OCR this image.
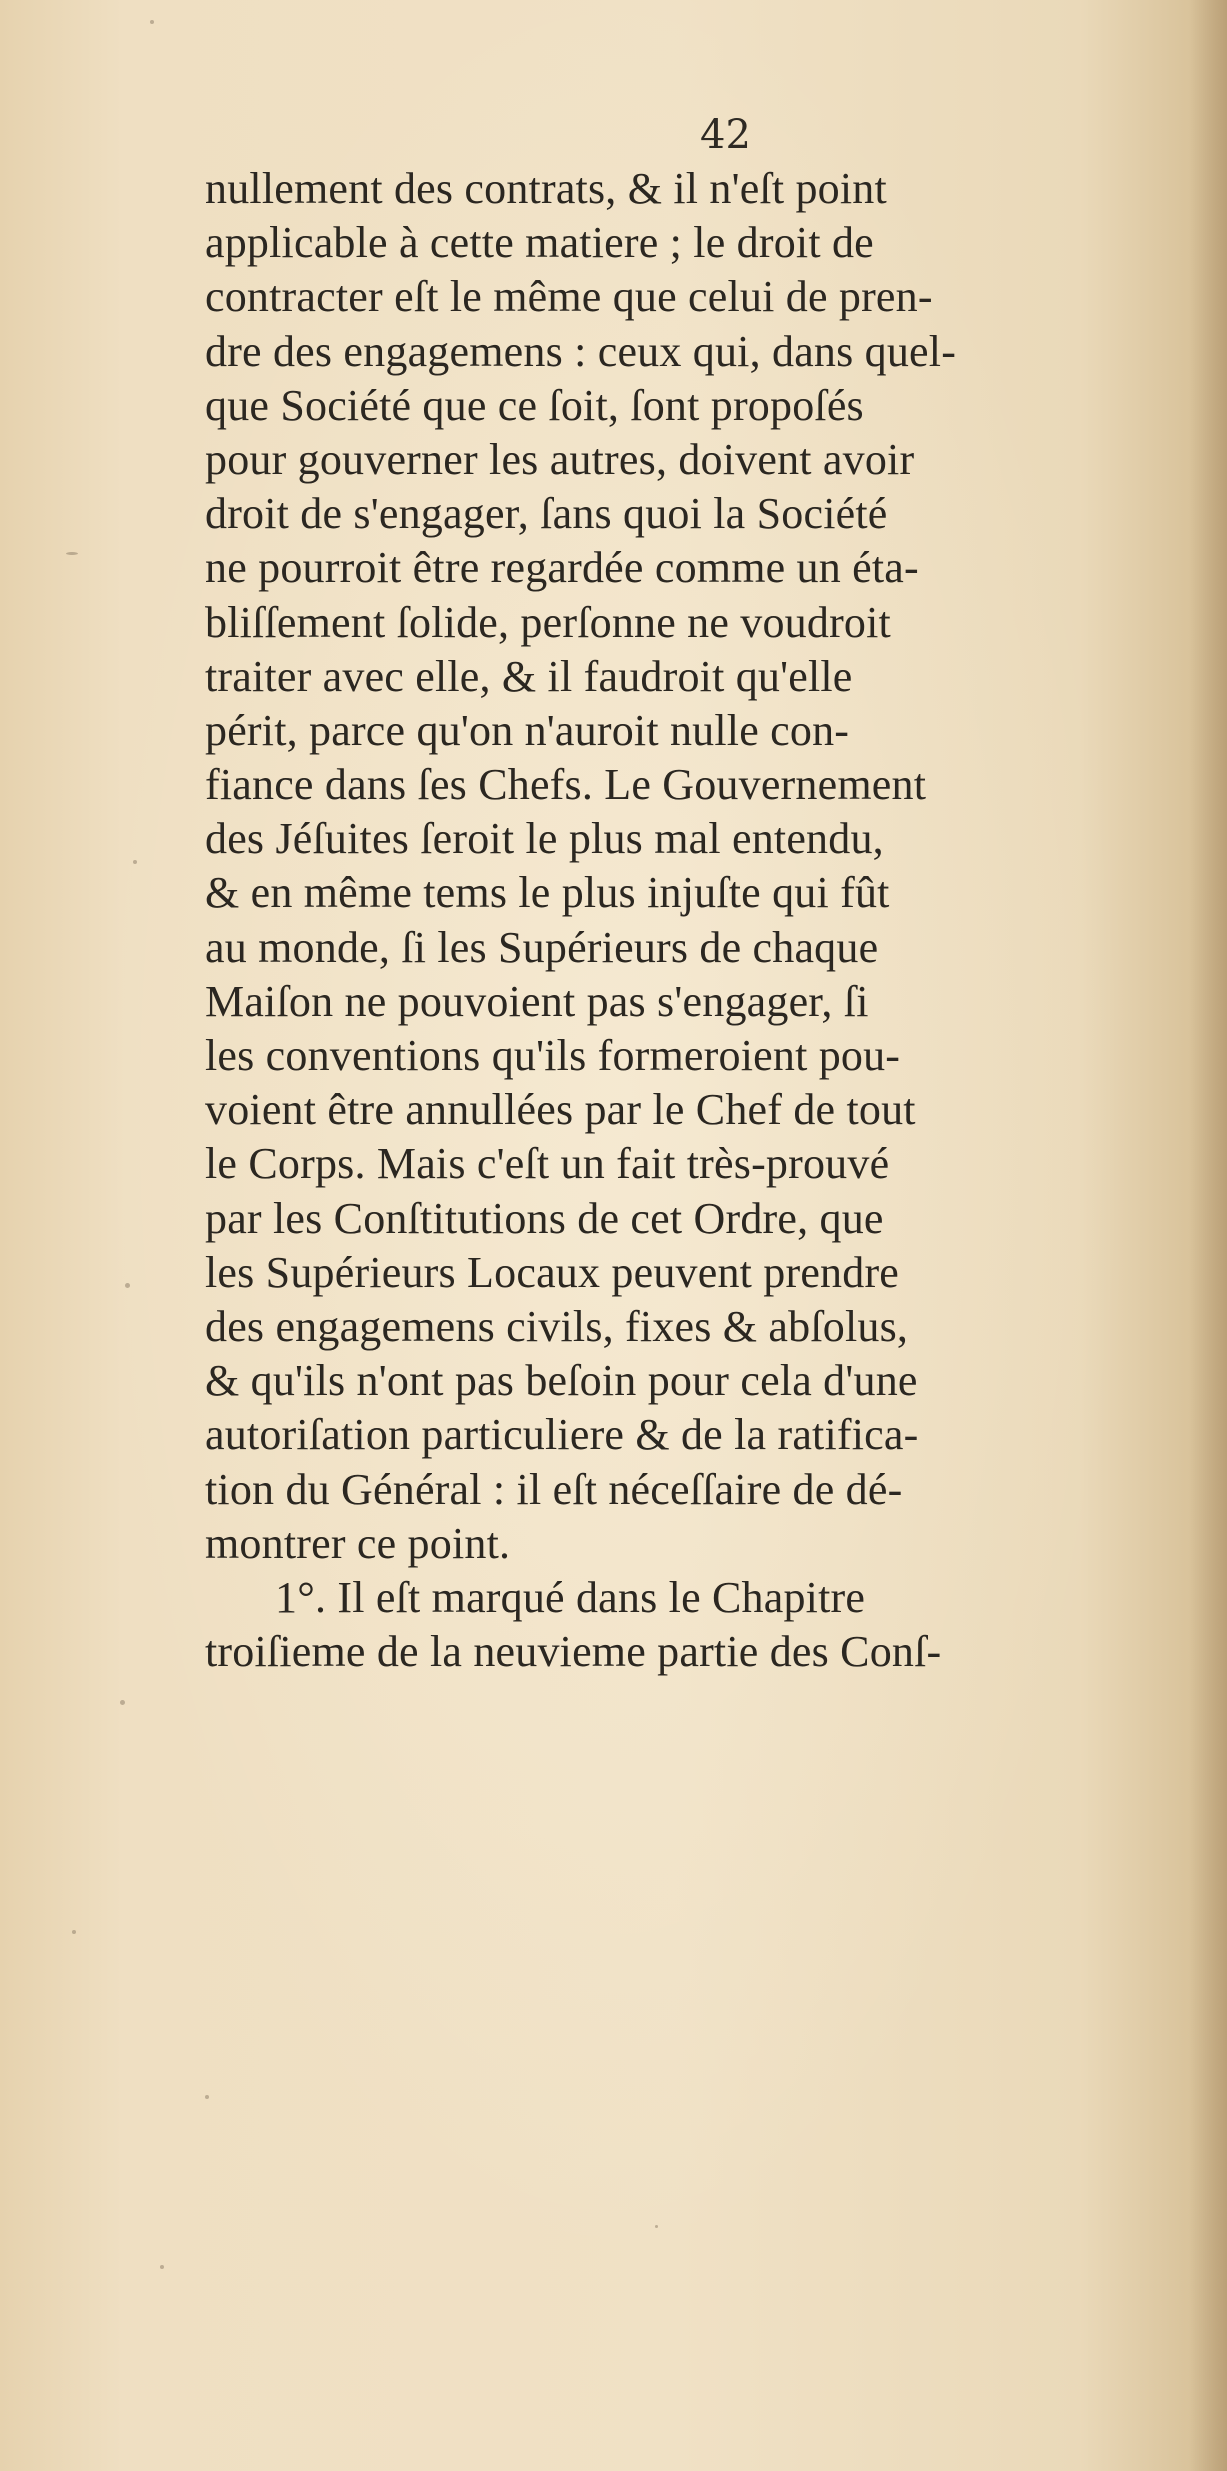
42
nullement des contrats, & il n'eſt point
applicable à cette matiere ; le droit de
contracter eſt le même que celui de pren-
dre des engagemens : ceux qui, dans quel-
que Société que ce ſoit, ſont propoſés
pour gouverner les autres, doivent avoir
droit de s'engager, ſans quoi la Société
ne pourroit être regardée comme un éta-
bliſſement ſolide, perſonne ne voudroit
traiter avec elle, & il faudroit qu'elle
périt, parce qu'on n'auroit nulle con-
fiance dans ſes Chefs. Le Gouvernement
des Jéſuites ſeroit le plus mal entendu,
& en même tems le plus injuſte qui fût
au monde, ſi les Supérieurs de chaque
Maiſon ne pouvoient pas s'engager, ſi
les conventions qu'ils formeroient pou-
voient être annullées par le Chef de tout
le Corps. Mais c'eſt un fait très-prouvé
par les Conſtitutions de cet Ordre, que
les Supérieurs Locaux peuvent prendre
des engagemens civils, fixes & abſolus,
& qu'ils n'ont pas beſoin pour cela d'une
autoriſation particuliere & de la ratifica-
tion du Général : il eſt néceſſaire de dé-
montrer ce point.
1°. Il eſt marqué dans le Chapitre
troiſieme de la neuvieme partie des Conſ-
